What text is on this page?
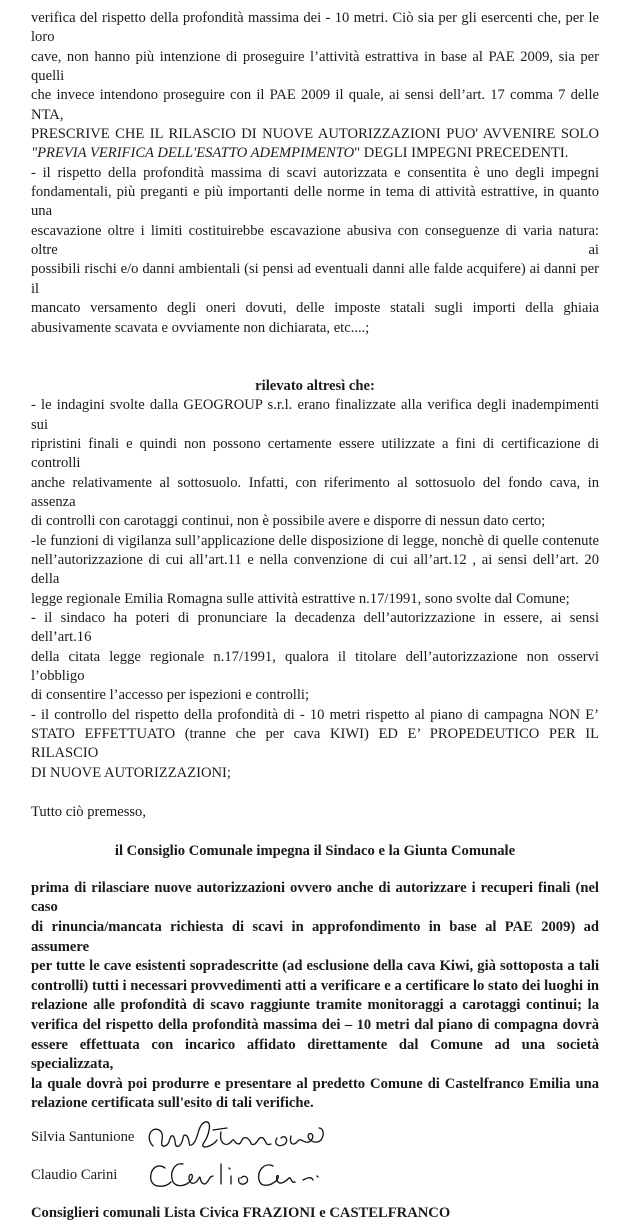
verifica del rispetto della profondità massima dei - 10 metri. Ciò sia per gli esercenti che, per le loro
cave, non hanno più intenzione di proseguire l’attività estrattiva in base al PAE 2009, sia per quelli
che invece intendono proseguire con il PAE 2009 il quale, ai sensi dell’art. 17 comma 7 delle NTA,
PRESCRIVE CHE IL RILASCIO DI NUOVE AUTORIZZAZIONI PUO' AVVENIRE SOLO
"PREVIA VERIFICA DELL'ESATTO ADEMPIMENTO" DEGLI IMPEGNI PRECEDENTI.
- il rispetto della profondità massima di scavi autorizzata e consentita è uno degli impegni
fondamentali, più preganti e più importanti delle norme in tema di attività estrattive, in quanto una
escavazione oltre i limiti costituirebbe escavazione abusiva con conseguenze di varia natura: oltre ai
possibili rischi e/o danni ambientali (si pensi ad eventuali danni alle falde acquifere) ai danni per il
mancato versamento degli oneri dovuti, delle imposte statali sugli importi della ghiaia
abusivamente scavata e ovviamente non dichiarata, etc....;
rilevato altresì che:
- le indagini svolte dalla GEOGROUP s.r.l. erano finalizzate alla verifica degli inadempimenti sui
ripristini finali e quindi non possono certamente essere utilizzate a fini di certificazione di controlli
anche relativamente al sottosuolo. Infatti, con riferimento al sottosuolo del fondo cava, in assenza
di controlli con carotaggi continui, non è possibile avere e disporre di nessun dato certo;
-le funzioni di vigilanza sull’applicazione delle disposizione di legge, nonchè di quelle contenute
nell’autorizzazione di cui all’art.11 e nella convenzione di cui all’art.12 , ai sensi dell’art. 20 della
legge regionale Emilia Romagna sulle attività estrattive n.17/1991, sono svolte dal Comune;
- il sindaco ha poteri di pronunciare la decadenza dell’autorizzazione in essere, ai sensi dell’art.16
della citata legge regionale n.17/1991, qualora il titolare dell’autorizzazione non osservi l’obbligo
di consentire l’accesso per ispezioni e controlli;
- il controllo del rispetto della profondità di - 10 metri rispetto al piano di campagna NON E’
STATO EFFETTUATO (tranne che per cava KIWI) ED E’ PROPEDEUTICO PER IL RILASCIO
DI NUOVE AUTORIZZAZIONI;
Tutto ciò premesso,
il Consiglio Comunale impegna il Sindaco e la Giunta Comunale
prima di rilasciare nuove autorizzazioni ovvero anche di autorizzare i recuperi finali (nel caso
di rinuncia/mancata richiesta di scavi in approfondimento in base al PAE 2009) ad assumere
per tutte le cave esistenti sopradescritte (ad esclusione della cava Kiwi, già sottoposta a tali
controlli) tutti i necessari provvedimenti atti a verificare e a certificare lo stato dei luoghi in
relazione alle profondità di scavo raggiunte tramite monitoraggi a carotaggi continui; la
verifica del rispetto della profondità massima dei – 10 metri dal piano di compagna dovrà
essere effettuata con incarico affidato direttamente dal Comune ad una società specializzata,
la quale dovrà poi produrre e presentare al predetto Comune di Castelfranco Emilia una
relazione certificata sull'esito di tali verifiche.
Silvia Santunione
Claudio Carini
Consiglieri comunali Lista Civica FRAZIONI e CASTELFRANCO
